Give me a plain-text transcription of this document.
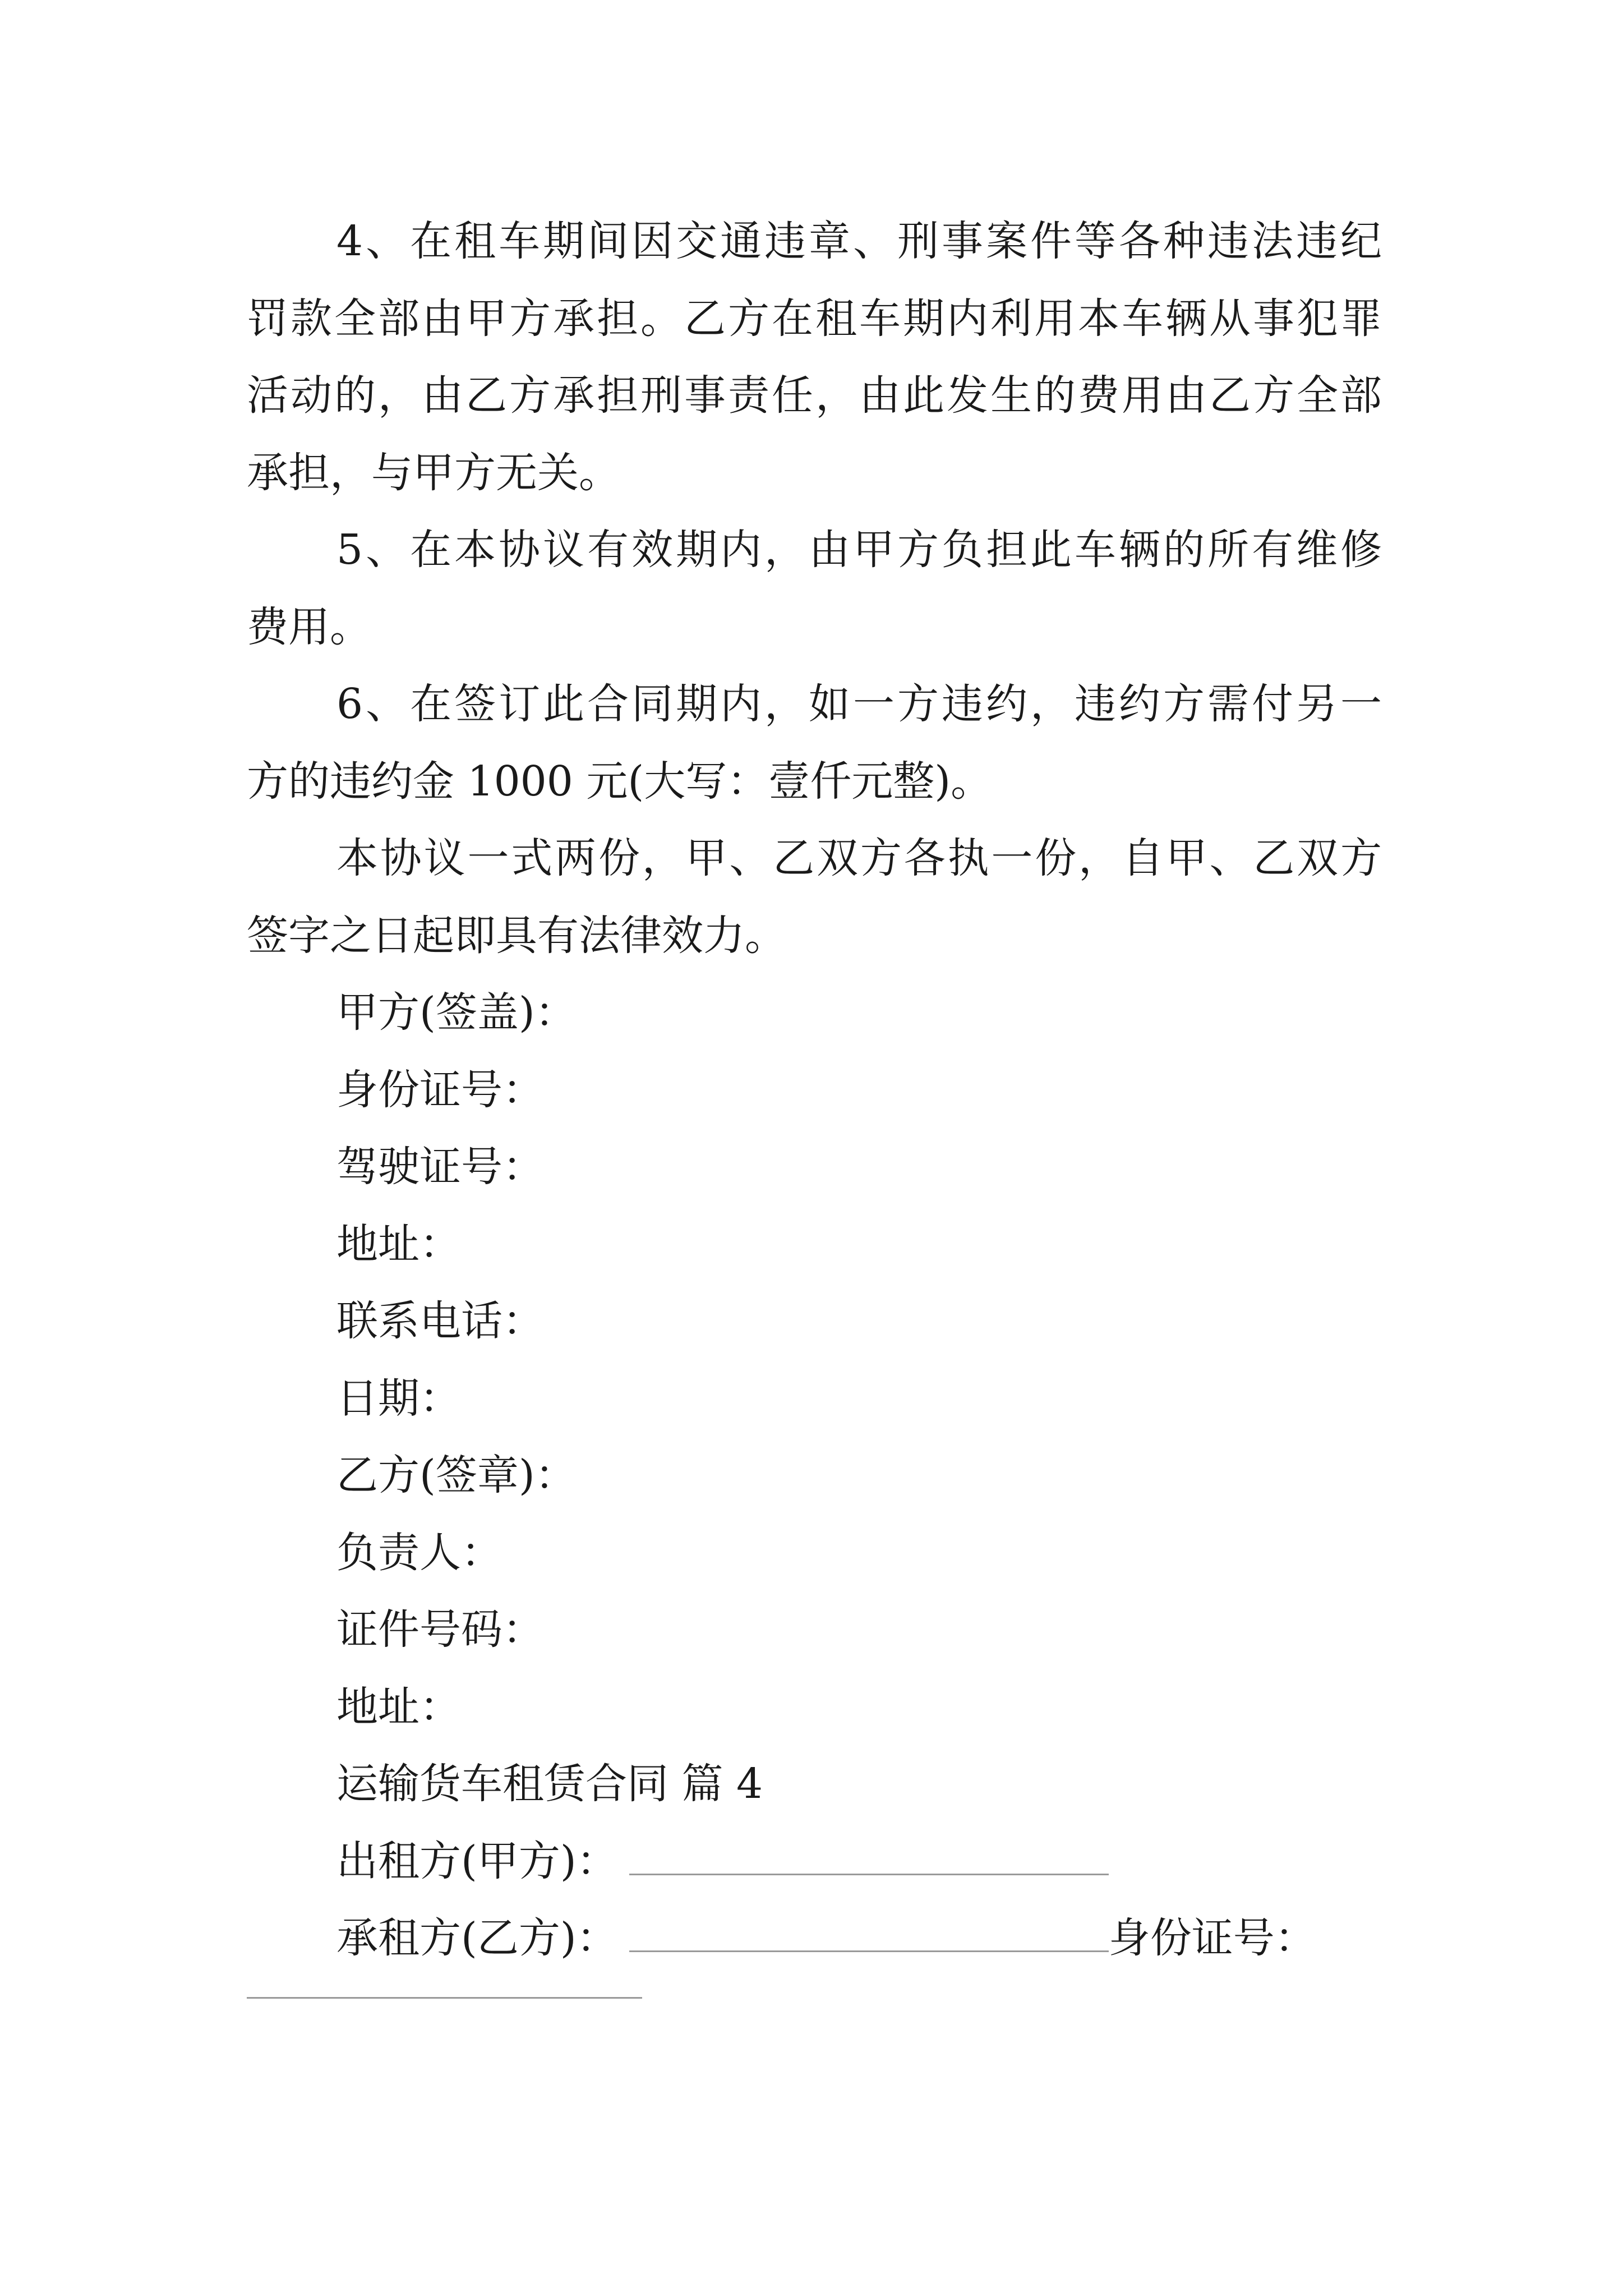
4、在租车期间因交通违章、刑事案件等各种违法违纪
罚款全部由甲方承担。乙方在租车期内利用本车辆从事犯罪
活动的，由乙方承担刑事责任，由此发生的费用由乙方全部
承担，与甲方无关。
5、在本协议有效期内，由甲方负担此车辆的所有维修
费用。
6、在签订此合同期内，如一方违约，违约方需付另一
方的违约金 1000 元(大写：壹仟元整)。
本协议一式两份，甲、乙双方各执一份，自甲、乙双方
签字之日起即具有法律效力。
甲方(签盖)：
身份证号：
驾驶证号：
地址：
联系电话：
日期：
乙方(签章)：
负责人：
证件号码：
地址：
运输货车租赁合同 篇 4
出租方(甲方)：
承租方(乙方)：	身份证号：
